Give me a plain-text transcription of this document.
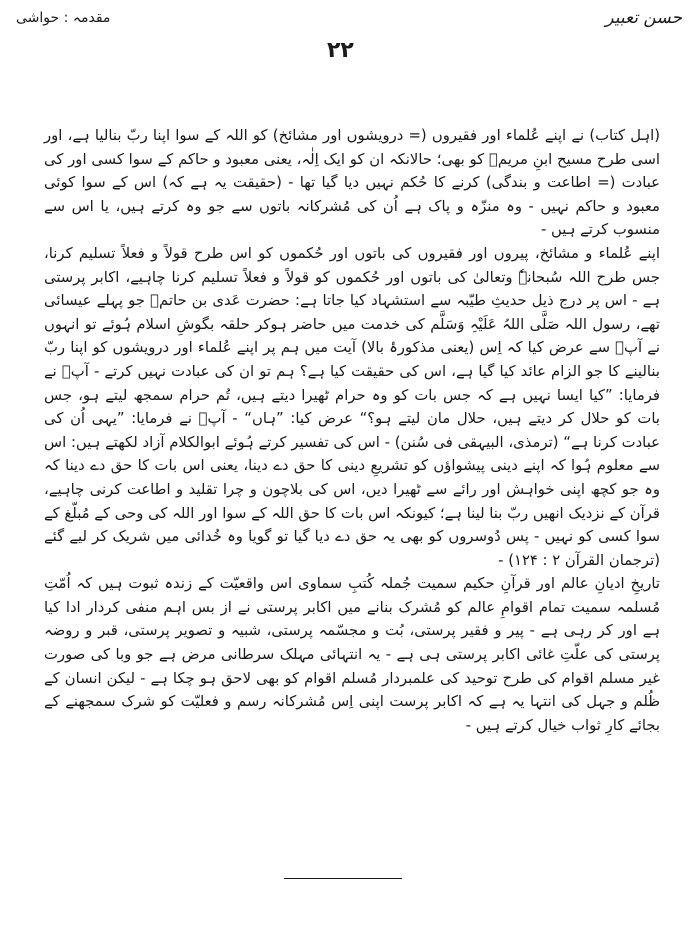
مقدمہ : حواشی
۲۲
حسن تعبیر

(اہل کتاب) نے اپنے عُلماء اور فقیروں (= درویشوں اور مشائخ) کو اللہ کے سوا اپنا ربّ بنالیا ہے، اور اسی طرح مسیح ابنِ مریمؑ کو بھی؛ حالانکہ ان کو ایک اِلٰہ، یعنی معبود و حاکم کے سوا کسی اور کی عبادت (= اطاعت و بندگی) کرنے کا حُکم نہیں دیا گیا تھا - (حقیقت یہ ہے کہ) اس کے سوا کوئی معبود و حاکم نہیں - وہ منزّہ و پاک ہے اُن کی مُشرکانہ باتوں سے جو وہ کرتے ہیں، یا اس سے منسوب کرتے ہیں -

اپنے عُلماء و مشائخ، پیروں اور فقیروں کی باتوں اور حُکموں کو اس طرح قولاً و فعلاً تسلیم کرنا، جس طرح اللہ سُبحانہٗ وتعالیٰ کی باتوں اور حُکموں کو قولاً و فعلاً تسلیم کرنا چاہیے، اکابر پرستی ہے - اس پر درج ذیل حدیثِ طیّبہ سے استشہاد کیا جاتا ہے: حضرت عَدی بن حاتمؓ جو پہلے عیسائی تھے، رسول اللہ صَلَّی اللہُ عَلَیْہِ وَسَلَّم کی خدمت میں حاضر ہوکر حلقہ بگوشِ اسلام ہُوئے تو انہوں نے آپؐ سے عرض کیا کہ اِس (یعنی مذکورۂ بالا) آیت میں ہم پر اپنے عُلماء اور درویشوں کو اپنا ربّ بنالینے کا جو الزام عائد کیا گیا ہے، اس کی حقیقت کیا ہے؟ ہم تو ان کی عبادت نہیں کرتے - آپؐ نے فرمایا: ”کیا ایسا نہیں ہے کہ جس بات کو وہ حرام ٹھیرا دیتے ہیں، تُم حرام سمجھ لیتے ہو، جس بات کو حلال کر دیتے ہیں، حلال مان لیتے ہو؟“ عرض کیا: ”ہاں“ - آپؐ نے فرمایا: ”یہی اُن کی عبادت کرنا ہے“ (ترمذی، البیہقی فی سُنن) - اس کی تفسیر کرتے ہُوئے ابوالکلام آزاد لکھتے ہیں: اس سے معلوم ہُوا کہ اپنے دینی پیشواؤں کو تشریعِ دینی کا حق دے دینا، یعنی اس بات کا حق دے دینا کہ وہ جو کچھ اپنی خواہش اور رائے سے ٹھیرا دیں، اس کی بلاچون و چرا تقلید و اطاعت کرنی چاہیے، قرآن کے نزدیک انھیں ربّ بنا لینا ہے؛ کیونکہ اس بات کا حق اللہ کے سوا اور اللہ کی وحی کے مُبلّغ کے سوا کسی کو نہیں - پس دُوسروں کو بھی یہ حق دے دیا گیا تو گویا وہ خُدائی میں شریک کر لیے گئے (ترجمان القرآن ۲ : ۱۲۴) -

تاریخِ ادیانِ عالم اور قرآنِ حکیم سمیت جُملہ کُتبِ سماوی اس واقعیّت کے زندہ ثبوت ہیں کہ اُمّتِ مُسلمہ سمیت تمام اقوامِ عالم کو مُشرک بنانے میں اکابر پرستی نے از بس اہم منفی کردار ادا کیا ہے اور کر رہی ہے - پیر و فقیر پرستی، بُت و مجسّمہ پرستی، شبیہ و تصویر پرستی، قبر و روضہ پرستی کی علّتِ غائی اکابر پرستی ہی ہے - یہ انتہائی مہلک سرطانی مرض ہے جو وبا کی صورت غیر مسلم اقوام کی طرح توحید کی علمبردار مُسلم اقوام کو بھی لاحق ہو چکا ہے - لیکن انسان کے ظُلم و جہل کی انتہا یہ ہے کہ اکابر پرست اپنی اِس مُشرکانہ رسم و فعلیّت کو شرک سمجھنے کے بجائے کارِ ثواب خیال کرتے ہیں -
